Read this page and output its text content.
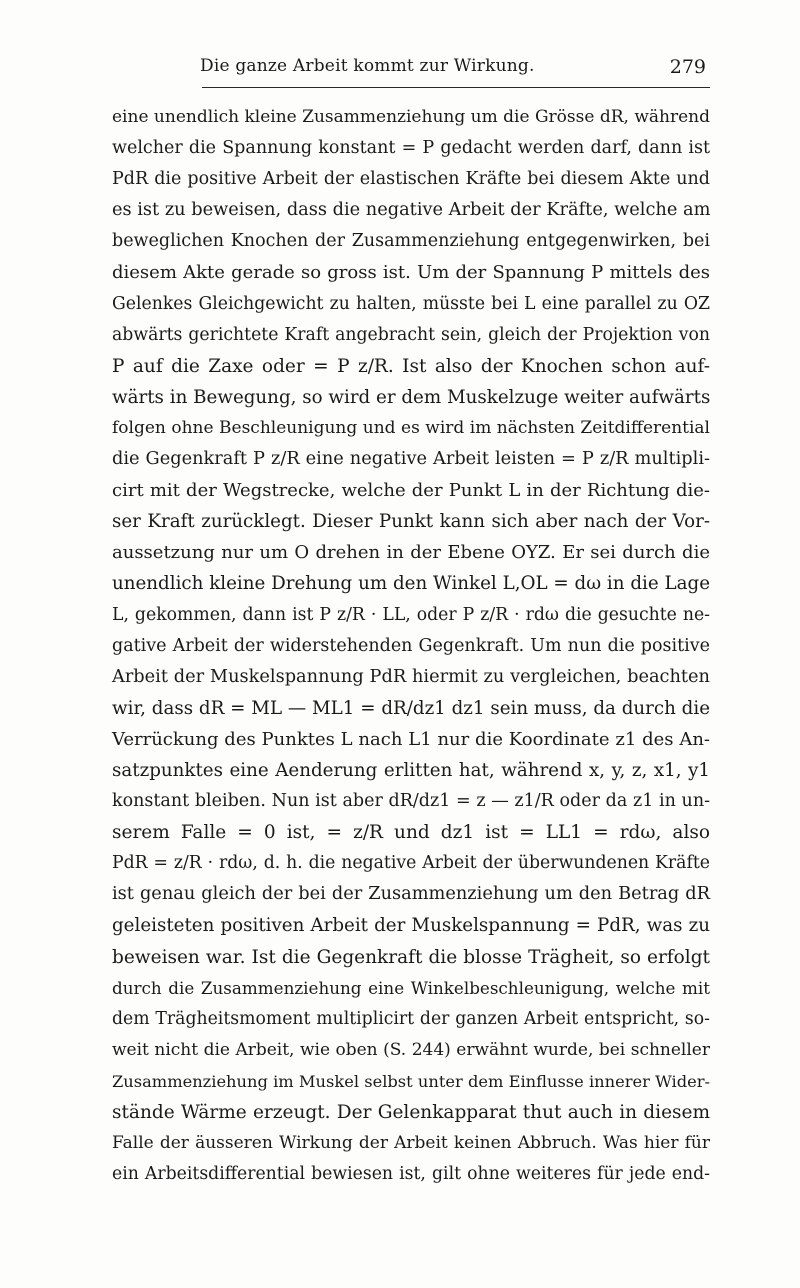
Die ganze Arbeit kommt zur Wirkung.	279

eine unendlich kleine Zusammenziehung um die Grösse dR, während

welcher die Spannung konstant = P gedacht werden darf, dann ist

PdR die positive Arbeit der elastischen Kräfte bei diesem Akte und

es ist zu beweisen, dass die negative Arbeit der Kräfte, welche am

beweglichen Knochen der Zusammenziehung entgegenwirken, bei

diesem Akte gerade so gross ist. Um der Spannung P mittels des

Gelenkes Gleichgewicht zu halten, müsste bei L eine parallel zu OZ

abwärts gerichtete Kraft angebracht sein, gleich der Projektion von

P auf die Zaxe oder = P z/R. Ist also der Knochen schon auf-

wärts in Bewegung, so wird er dem Muskelzuge weiter aufwärts

folgen ohne Beschleunigung und es wird im nächsten Zeitdifferential

die Gegenkraft P z/R eine negative Arbeit leisten = P z/R multipli-

cirt mit der Wegstrecke, welche der Punkt L in der Richtung die-

ser Kraft zurücklegt. Dieser Punkt kann sich aber nach der Vor-

aussetzung nur um O drehen in der Ebene OYZ. Er sei durch die

unendlich kleine Drehung um den Winkel L,OL = dω in die Lage

L, gekommen, dann ist P z/R · LL, oder P z/R · rdω die gesuchte ne-

gative Arbeit der widerstehenden Gegenkraft. Um nun die positive

Arbeit der Muskelspannung PdR hiermit zu vergleichen, beachten

wir, dass dR = ML — ML1 = dR/dz1 dz1 sein muss, da durch die

Verrückung des Punktes L nach L1 nur die Koordinate z1 des An-

satzpunktes eine Aenderung erlitten hat, während x, y, z, x1, y1

konstant bleiben. Nun ist aber dR/dz1 = z — z1/R oder da z1 in un-

serem Falle = 0 ist, = z/R und dz1 ist = LL1 = rdω, also

PdR = z/R · rdω, d. h. die negative Arbeit der überwundenen Kräfte

ist genau gleich der bei der Zusammenziehung um den Betrag dR

geleisteten positiven Arbeit der Muskelspannung = PdR, was zu

beweisen war. Ist die Gegenkraft die blosse Trägheit, so erfolgt

durch die Zusammenziehung eine Winkelbeschleunigung, welche mit

dem Trägheitsmoment multiplicirt der ganzen Arbeit entspricht, so-

weit nicht die Arbeit, wie oben (S. 244) erwähnt wurde, bei schneller

Zusammenziehung im Muskel selbst unter dem Einflusse innerer Wider-

stände Wärme erzeugt. Der Gelenkapparat thut auch in diesem

Falle der äusseren Wirkung der Arbeit keinen Abbruch. Was hier für

ein Arbeitsdifferential bewiesen ist, gilt ohne weiteres für jede end-
